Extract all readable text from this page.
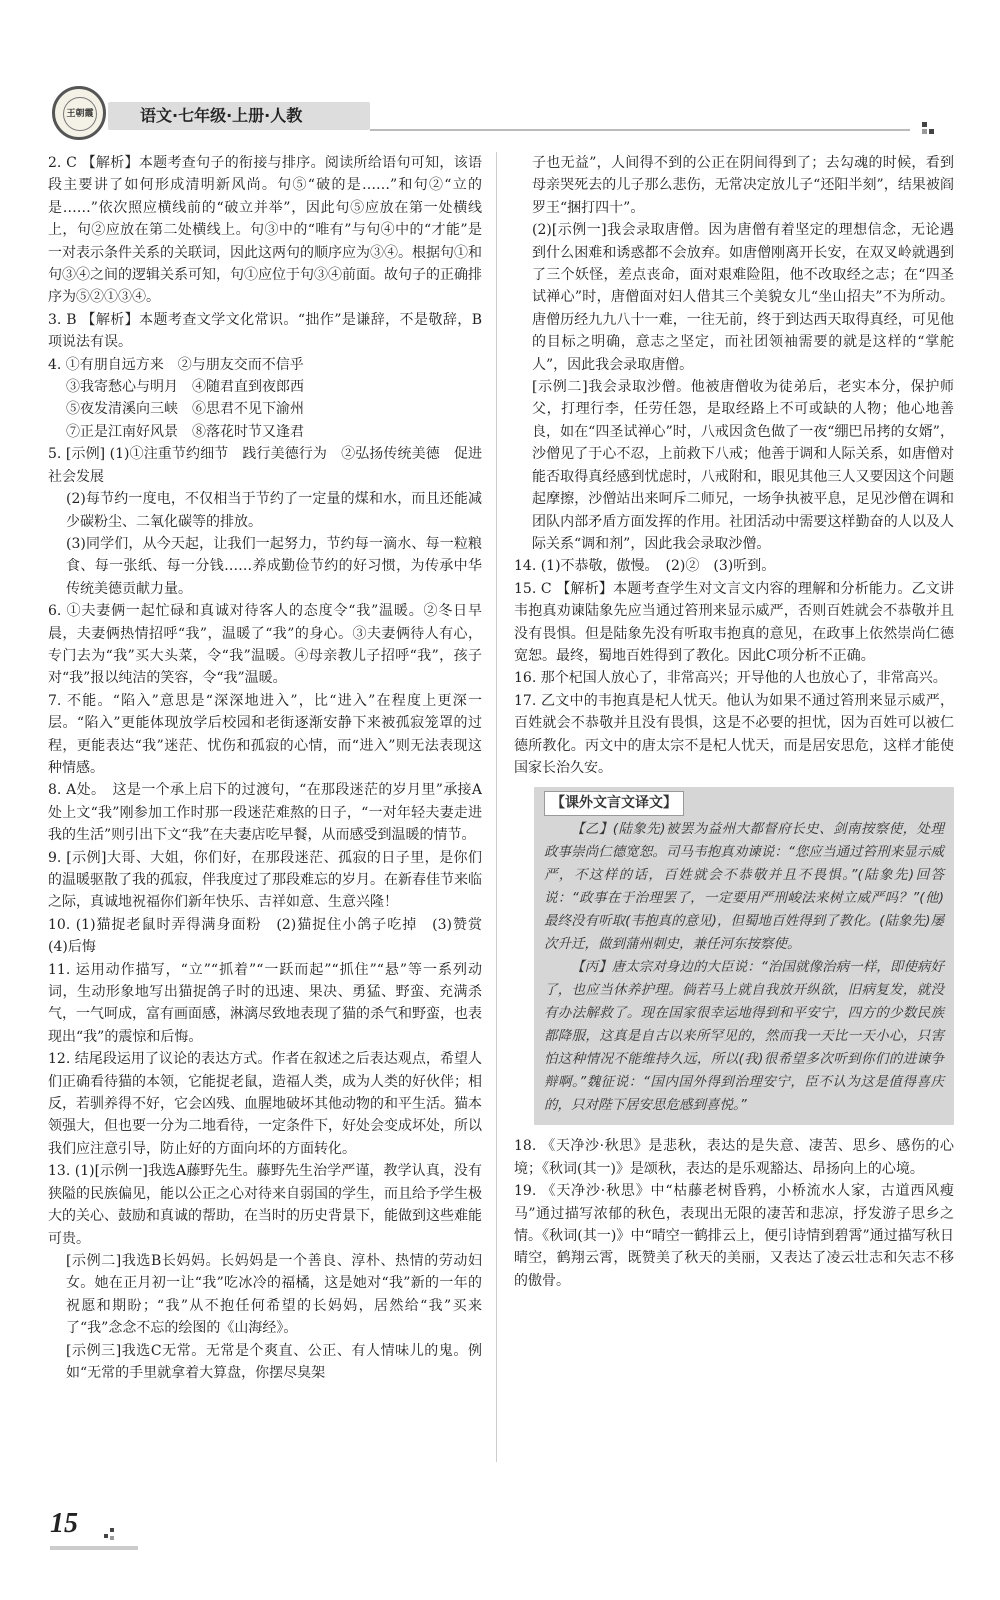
王朝霞	语文·七年级·上册·人教

2. C 【解析】本题考查句子的衔接与排序。阅读所给语句可知，该语段主要讲了如何形成清明新风尚。句⑤“破的是……”和句②“立的是……”依次照应横线前的“破立并举”，因此句⑤应放在第一处横线上，句②应放在第二处横线上。句③中的“唯有”与句④中的“才能”是一对表示条件关系的关联词，因此这两句的顺序应为③④。根据句①和句③④之间的逻辑关系可知，句①应位于句③④前面。故句子的正确排序为⑤②①③④。

3. B 【解析】本题考查文学文化常识。“拙作”是谦辞，不是敬辞，B项说法有误。

4. ①有朋自远方来　②与朋友交而不信乎

③我寄愁心与明月　④随君直到夜郎西

⑤夜发清溪向三峡　⑥思君不见下渝州

⑦正是江南好风景　⑧落花时节又逢君

5. [示例] (1)①注重节约细节　践行美德行为　②弘扬传统美德　促进社会发展

(2)每节约一度电，不仅相当于节约了一定量的煤和水，而且还能减少碳粉尘、二氧化碳等的排放。

(3)同学们，从今天起，让我们一起努力，节约每一滴水、每一粒粮食、每一张纸、每一分钱……养成勤俭节约的好习惯，为传承中华传统美德贡献力量。

6. ①夫妻俩一起忙碌和真诚对待客人的态度令“我”温暖。②冬日早晨，夫妻俩热情招呼“我”，温暖了“我”的身心。③夫妻俩待人有心，专门去为“我”买大头菜，令“我”温暖。④母亲教儿子招呼“我”，孩子对“我”报以纯洁的笑容，令“我”温暖。

7. 不能。“陷入”意思是“深深地进入”，比“进入”在程度上更深一层。“陷入”更能体现放学后校园和老街逐渐安静下来被孤寂笼罩的过程，更能表达“我”迷茫、忧伤和孤寂的心情，而“进入”则无法表现这种情感。

8. A处。　这是一个承上启下的过渡句，“在那段迷茫的岁月里”承接A处上文“我”刚参加工作时那一段迷茫难熬的日子，“一对年轻夫妻走进我的生活”则引出下文“我”在夫妻店吃早餐，从而感受到温暖的情节。

9. [示例]大哥、大姐，你们好，在那段迷茫、孤寂的日子里，是你们的温暖驱散了我的孤寂，伴我度过了那段难忘的岁月。在新春佳节来临之际，真诚地祝福你们新年快乐、吉祥如意、生意兴隆！

10. (1)猫捉老鼠时弄得满身面粉　(2)猫捉住小鸽子吃掉　(3)赞赏　(4)后悔

11. 运用动作描写，“立”“抓着”“一跃而起”“抓住”“悬”等一系列动词，生动形象地写出猫捉鸽子时的迅速、果决、勇猛、野蛮、充满杀气，一气呵成，富有画面感，淋漓尽致地表现了猫的杀气和野蛮，也表现出“我”的震惊和后悔。

12. 结尾段运用了议论的表达方式。作者在叙述之后表达观点，希望人们正确看待猫的本领，它能捉老鼠，造福人类，成为人类的好伙伴；相反，若驯养得不好，它会凶残、血腥地破坏其他动物的和平生活。猫本领强大，但也要一分为二地看待，一定条件下，好处会变成坏处，所以我们应注意引导，防止好的方面向坏的方面转化。

13. (1)[示例一]我选A藤野先生。藤野先生治学严谨，教学认真，没有狭隘的民族偏见，能以公正之心对待来自弱国的学生，而且给予学生极大的关心、鼓励和真诚的帮助，在当时的历史背景下，能做到这些难能可贵。

[示例二]我选B长妈妈。长妈妈是一个善良、淳朴、热情的劳动妇女。她在正月初一让“我”吃冰冷的福橘，这是她对“我”新的一年的祝愿和期盼；“我”从不抱任何希望的长妈妈，居然给“我”买来了“我”念念不忘的绘图的《山海经》。

[示例三]我选C无常。无常是个爽直、公正、有人情味儿的鬼。例如“无常的手里就拿着大算盘，你摆尽臭架

子也无益”，人间得不到的公正在阴间得到了；去勾魂的时候，看到母亲哭死去的儿子那么悲伤，无常决定放儿子“还阳半刻”，结果被阎罗王“捆打四十”。

(2)[示例一]我会录取唐僧。因为唐僧有着坚定的理想信念，无论遇到什么困难和诱惑都不会放弃。如唐僧刚离开长安，在双叉岭就遇到了三个妖怪，差点丧命，面对艰难险阻，他不改取经之志；在“四圣试禅心”时，唐僧面对妇人借其三个美貌女儿“坐山招夫”不为所动。唐僧历经九九八十一难，一往无前，终于到达西天取得真经，可见他的目标之明确，意志之坚定，而社团领袖需要的就是这样的“掌舵人”，因此我会录取唐僧。

[示例二]我会录取沙僧。他被唐僧收为徒弟后，老实本分，保护师父，打理行李，任劳任怨，是取经路上不可或缺的人物；他心地善良，如在“四圣试禅心”时，八戒因贪色做了一夜“绷巴吊拷的女婿”，沙僧见了于心不忍，上前救下八戒；他善于调和人际关系，如唐僧对能否取得真经感到忧虑时，八戒附和，眼见其他三人又要因这个问题起摩擦，沙僧站出来呵斥二师兄，一场争执被平息，足见沙僧在调和团队内部矛盾方面发挥的作用。社团活动中需要这样勤奋的人以及人际关系“调和剂”，因此我会录取沙僧。

14. (1)不恭敬，傲慢。　(2)②　(3)听到。

15. C 【解析】本题考查学生对文言文内容的理解和分析能力。乙文讲韦抱真劝谏陆象先应当通过笞刑来显示威严，否则百姓就会不恭敬并且没有畏惧。但是陆象先没有听取韦抱真的意见，在政事上依然崇尚仁德宽恕。最终，蜀地百姓得到了教化。因此C项分析不正确。

16. 那个杞国人放心了，非常高兴；开导他的人也放心了，非常高兴。

17. 乙文中的韦抱真是杞人忧天。他认为如果不通过笞刑来显示威严，百姓就会不恭敬并且没有畏惧，这是不必要的担忧，因为百姓可以被仁德所教化。丙文中的唐太宗不是杞人忧天，而是居安思危，这样才能使国家长治久安。

【课外文言文译文】

【乙】(陆象先)被罢为益州大都督府长史、剑南按察使，处理政事崇尚仁德宽恕。司马韦抱真劝谏说：“您应当通过笞刑来显示威严，不这样的话，百姓就会不恭敬并且不畏惧。”(陆象先)回答说：“政事在于治理罢了，一定要用严刑峻法来树立威严吗？”(他)最终没有听取(韦抱真的意见)，但蜀地百姓得到了教化。(陆象先)屡次升迁，做到蒲州刺史，兼任河东按察使。

【丙】唐太宗对身边的大臣说：“治国就像治病一样，即使病好了，也应当休养护理。倘若马上就自我放开纵欲，旧病复发，就没有办法解救了。现在国家很幸运地得到和平安宁，四方的少数民族都降服，这真是自古以来所罕见的，然而我一天比一天小心，只害怕这种情况不能维持久远，所以(我)很希望多次听到你们的进谏争辩啊。”魏征说：“国内国外得到治理安宁，臣不认为这是值得喜庆的，只对陛下居安思危感到喜悦。”

18. 《天净沙·秋思》是悲秋，表达的是失意、凄苦、思乡、感伤的心境；《秋词(其一)》是颂秋，表达的是乐观豁达、昂扬向上的心境。

19. 《天净沙·秋思》中“枯藤老树昏鸦，小桥流水人家，古道西风瘦马”通过描写浓郁的秋色，表现出无限的凄苦和悲凉，抒发游子思乡之情。《秋词(其一)》中“晴空一鹤排云上，便引诗情到碧霄”通过描写秋日晴空，鹤翔云霄，既赞美了秋天的美丽，又表达了凌云壮志和矢志不移的傲骨。

15
